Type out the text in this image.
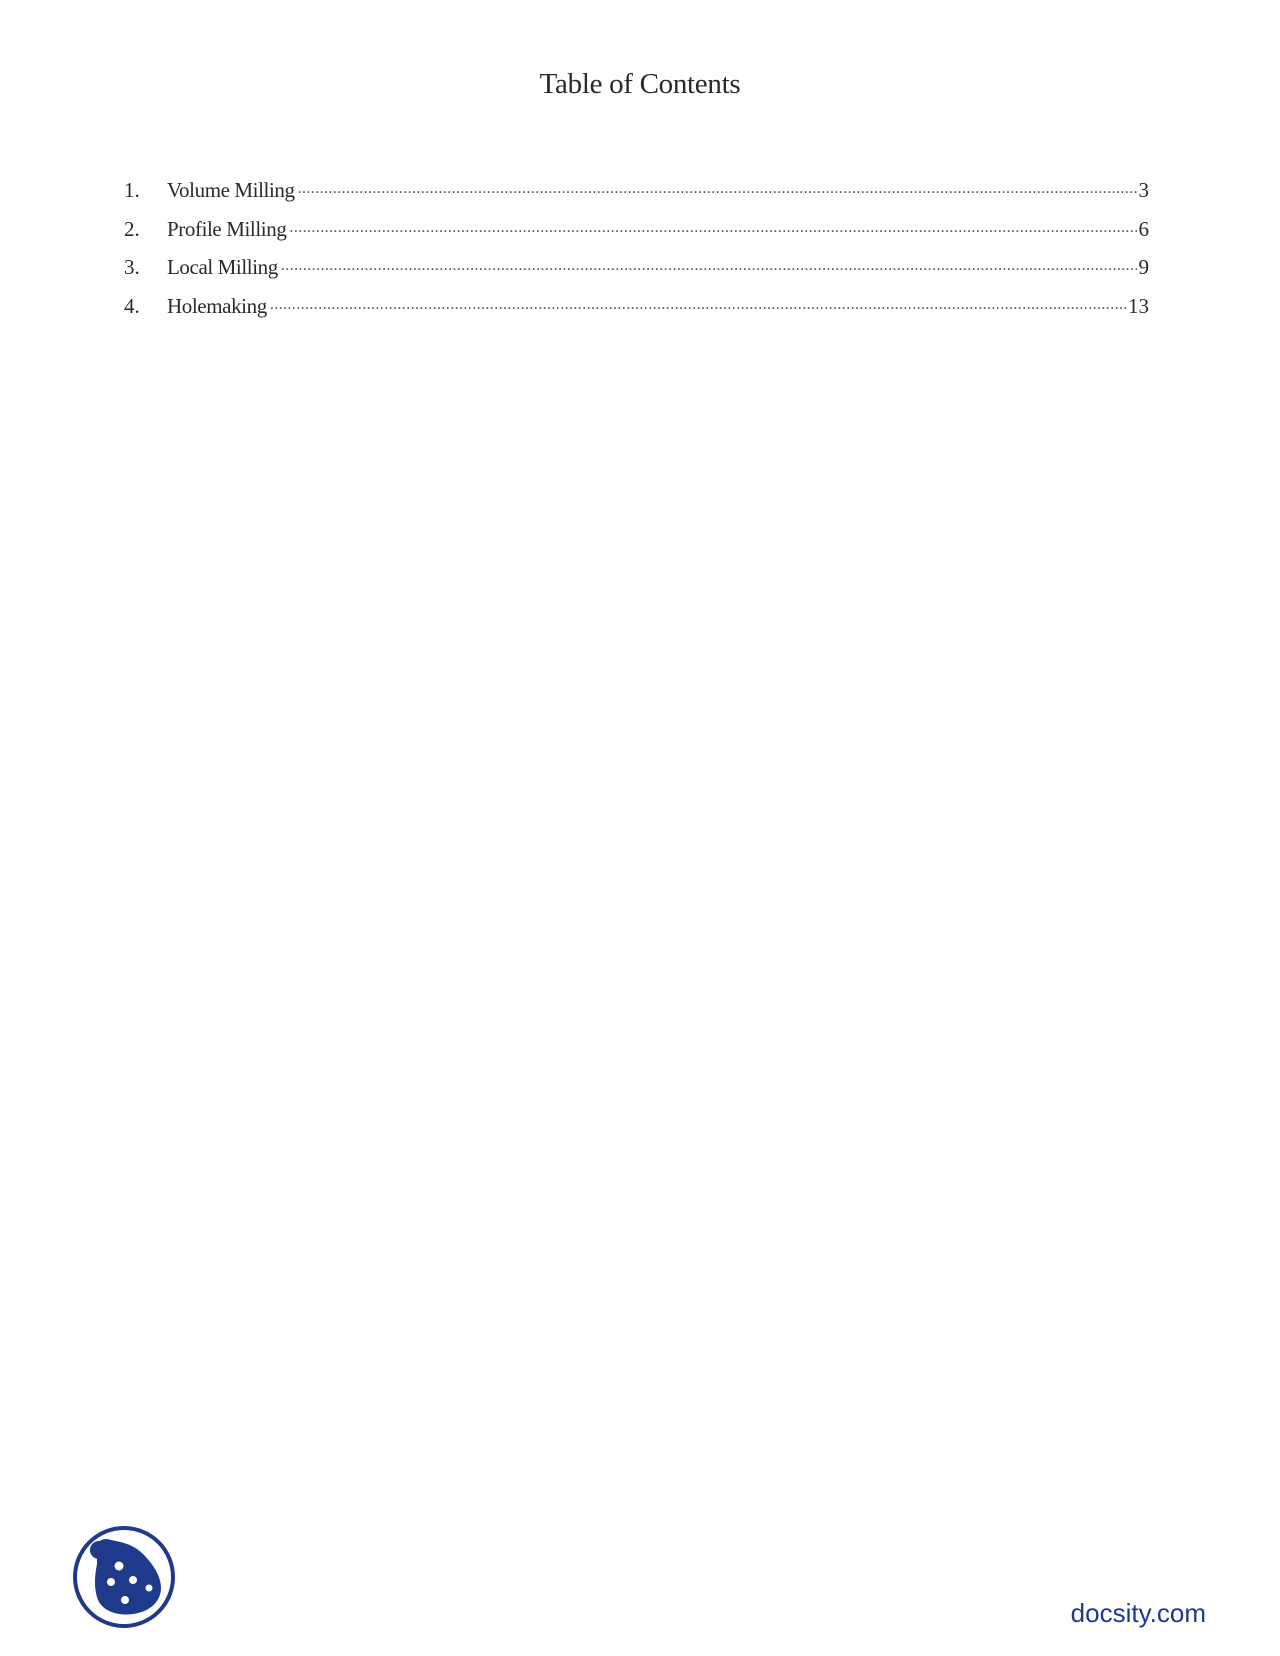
Table of Contents
1.	Volume Milling .....	3
2.	Profile Milling .....	6
3.	Local Milling .....	9
4.	Holemaking .....	13
docsity.com
